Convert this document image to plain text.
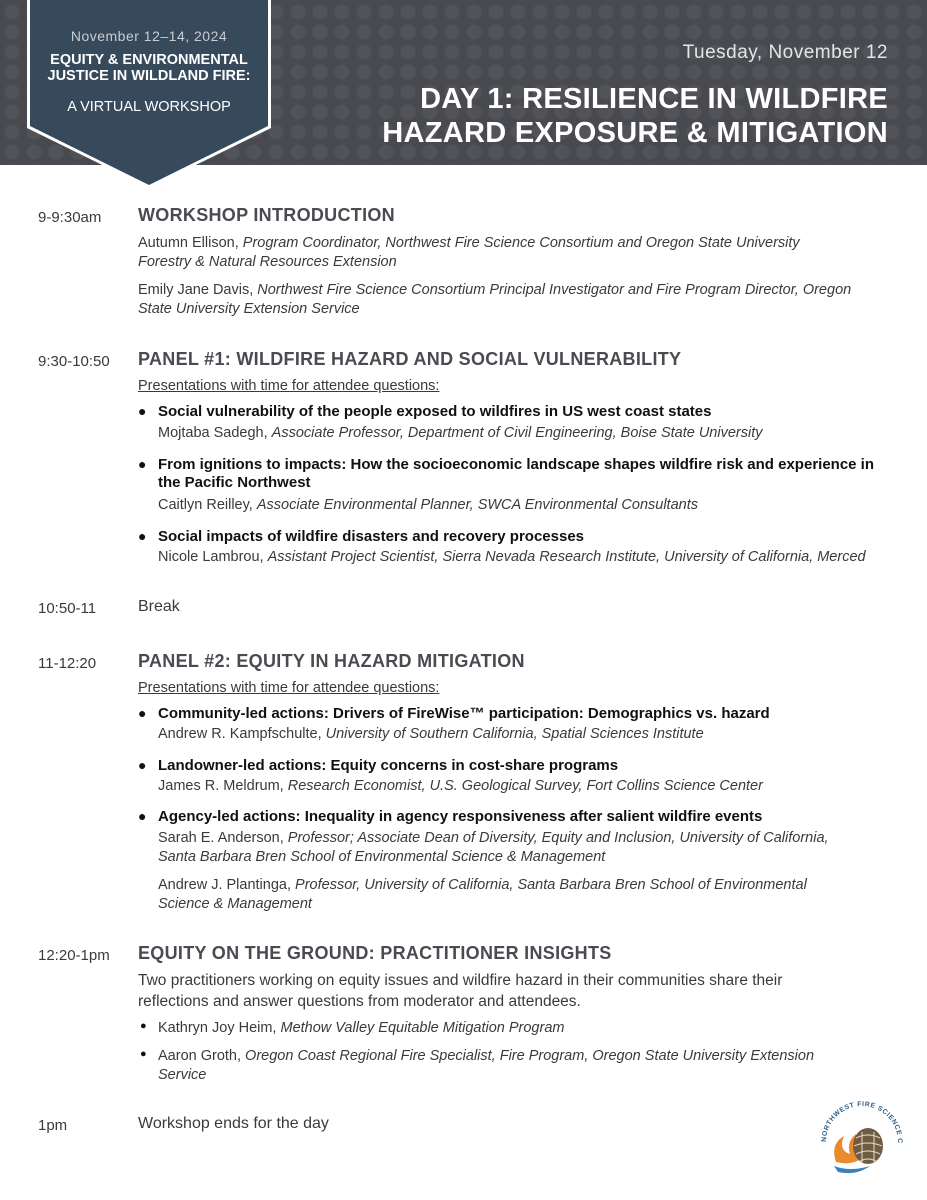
Tuesday, November 12
DAY 1: RESILIENCE IN WILDFIRE
HAZARD EXPOSURE & MITIGATION
November 12–14, 2024
EQUITY & ENVIRONMENTAL
JUSTICE IN WILDLAND FIRE:
A VIRTUAL WORKSHOP
9-9:30am WORKSHOP INTRODUCTION
Autumn Ellison, Program Coordinator, Northwest Fire Science Consortium and Oregon State University
Forestry & Natural Resources Extension
Emily Jane Davis, Northwest Fire Science Consortium Principal Investigator and Fire Program Director, Oregon
State University Extension Service
9:30-10:50 PANEL #1: WILDFIRE HAZARD AND SOCIAL VULNERABILITY
Presentations with time for attendee questions:
● Social vulnerability of the people exposed to wildfires in US west coast states
Mojtaba Sadegh, Associate Professor, Department of Civil Engineering, Boise State University
● From ignitions to impacts: How the socioeconomic landscape shapes wildfire risk and experience in
the Pacific Northwest
Caitlyn Reilley, Associate Environmental Planner, SWCA Environmental Consultants
● Social impacts of wildfire disasters and recovery processes
Nicole Lambrou, Assistant Project Scientist, Sierra Nevada Research Institute, University of California, Merced
10:50-11	Break
11-12:20 PANEL #2: EQUITY IN HAZARD MITIGATION
Presentations with time for attendee questions:
● Community-led actions: Drivers of FireWise™ participation: Demographics vs. hazard
Andrew R. Kampfschulte, University of Southern California, Spatial Sciences Institute
● Landowner-led actions: Equity concerns in cost-share programs
James R. Meldrum, Research Economist, U.S. Geological Survey, Fort Collins Science Center
● Agency-led actions: Inequality in agency responsiveness after salient wildfire events
Sarah E. Anderson, Professor; Associate Dean of Diversity, Equity and Inclusion, University of California,
Santa Barbara Bren School of Environmental Science & Management
Andrew J. Plantinga, Professor, University of California, Santa Barbara Bren School of Environmental
Science & Management
12:20-1pm EQUITY ON THE GROUND: PRACTITIONER INSIGHTS
Two practitioners working on equity issues and wildfire hazard in their communities share their
reflections and answer questions from moderator and attendees.
● Kathryn Joy Heim, Methow Valley Equitable Mitigation Program
● Aaron Groth, Oregon Coast Regional Fire Specialist, Fire Program, Oregon State University Extension
Service
1pm	Workshop ends for the day
NORTHWEST FIRE SCIENCE C
